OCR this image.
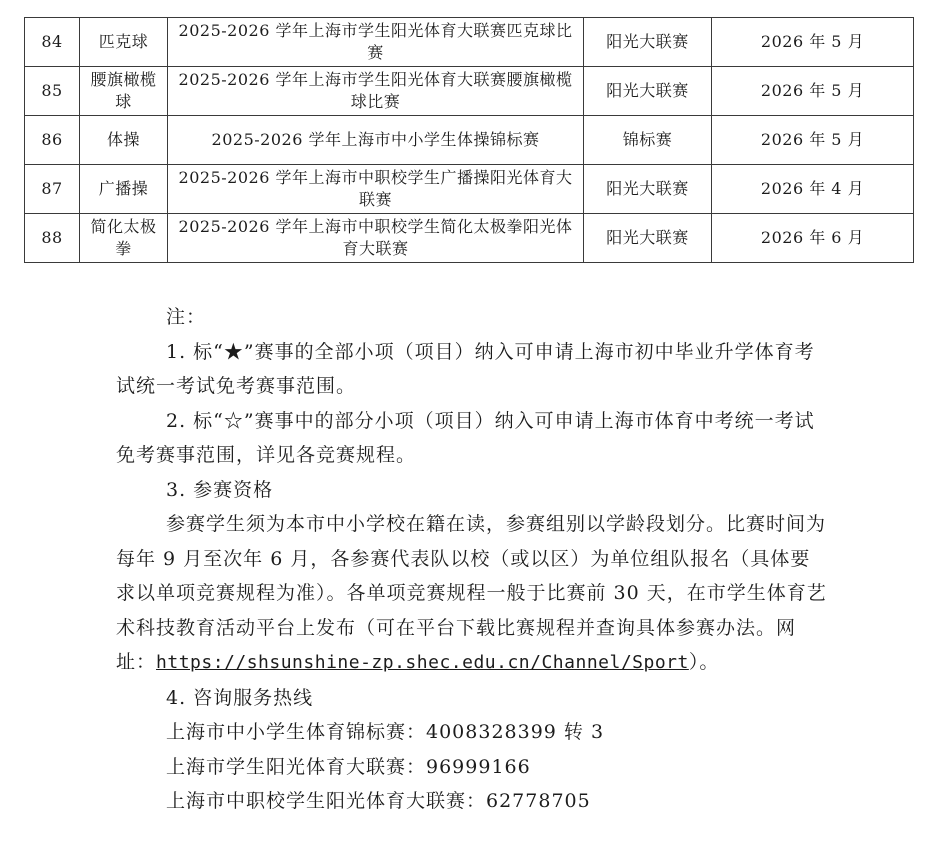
84	匹克球	2025-2026 学年上海市学生阳光体育大联赛匹克球比赛	阳光大联赛	2026 年 5 月
85	腰旗橄榄球	2025-2026 学年上海市学生阳光体育大联赛腰旗橄榄球比赛	阳光大联赛	2026 年 5 月
86	体操	2025-2026 学年上海市中小学生体操锦标赛	锦标赛	2026 年 5 月
87	广播操	2025-2026 学年上海市中职校学生广播操阳光体育大联赛	阳光大联赛	2026 年 4 月
88	简化太极拳	2025-2026 学年上海市中职校学生简化太极拳阳光体育大联赛	阳光大联赛	2026 年 6 月

注：

1. 标“★”赛事的全部小项（项目）纳入可申请上海市初中毕业升学体育考试统一考试免考赛事范围。

2. 标“☆”赛事中的部分小项（项目）纳入可申请上海市体育中考统一考试免考赛事范围，详见各竞赛规程。

3. 参赛资格

参赛学生须为本市中小学校在籍在读，参赛组别以学龄段划分。比赛时间为每年 9 月至次年 6 月，各参赛代表队以校（或以区）为单位组队报名（具体要求以单项竞赛规程为准）。各单项竞赛规程一般于比赛前 30 天，在市学生体育艺术科技教育活动平台上发布（可在平台下载比赛规程并查询具体参赛办法。网址：https://shsunshine-zp.shec.edu.cn/Channel/Sport）。

4. 咨询服务热线

上海市中小学生体育锦标赛：4008328399 转 3

上海市学生阳光体育大联赛：96999166

上海市中职校学生阳光体育大联赛：62778705
